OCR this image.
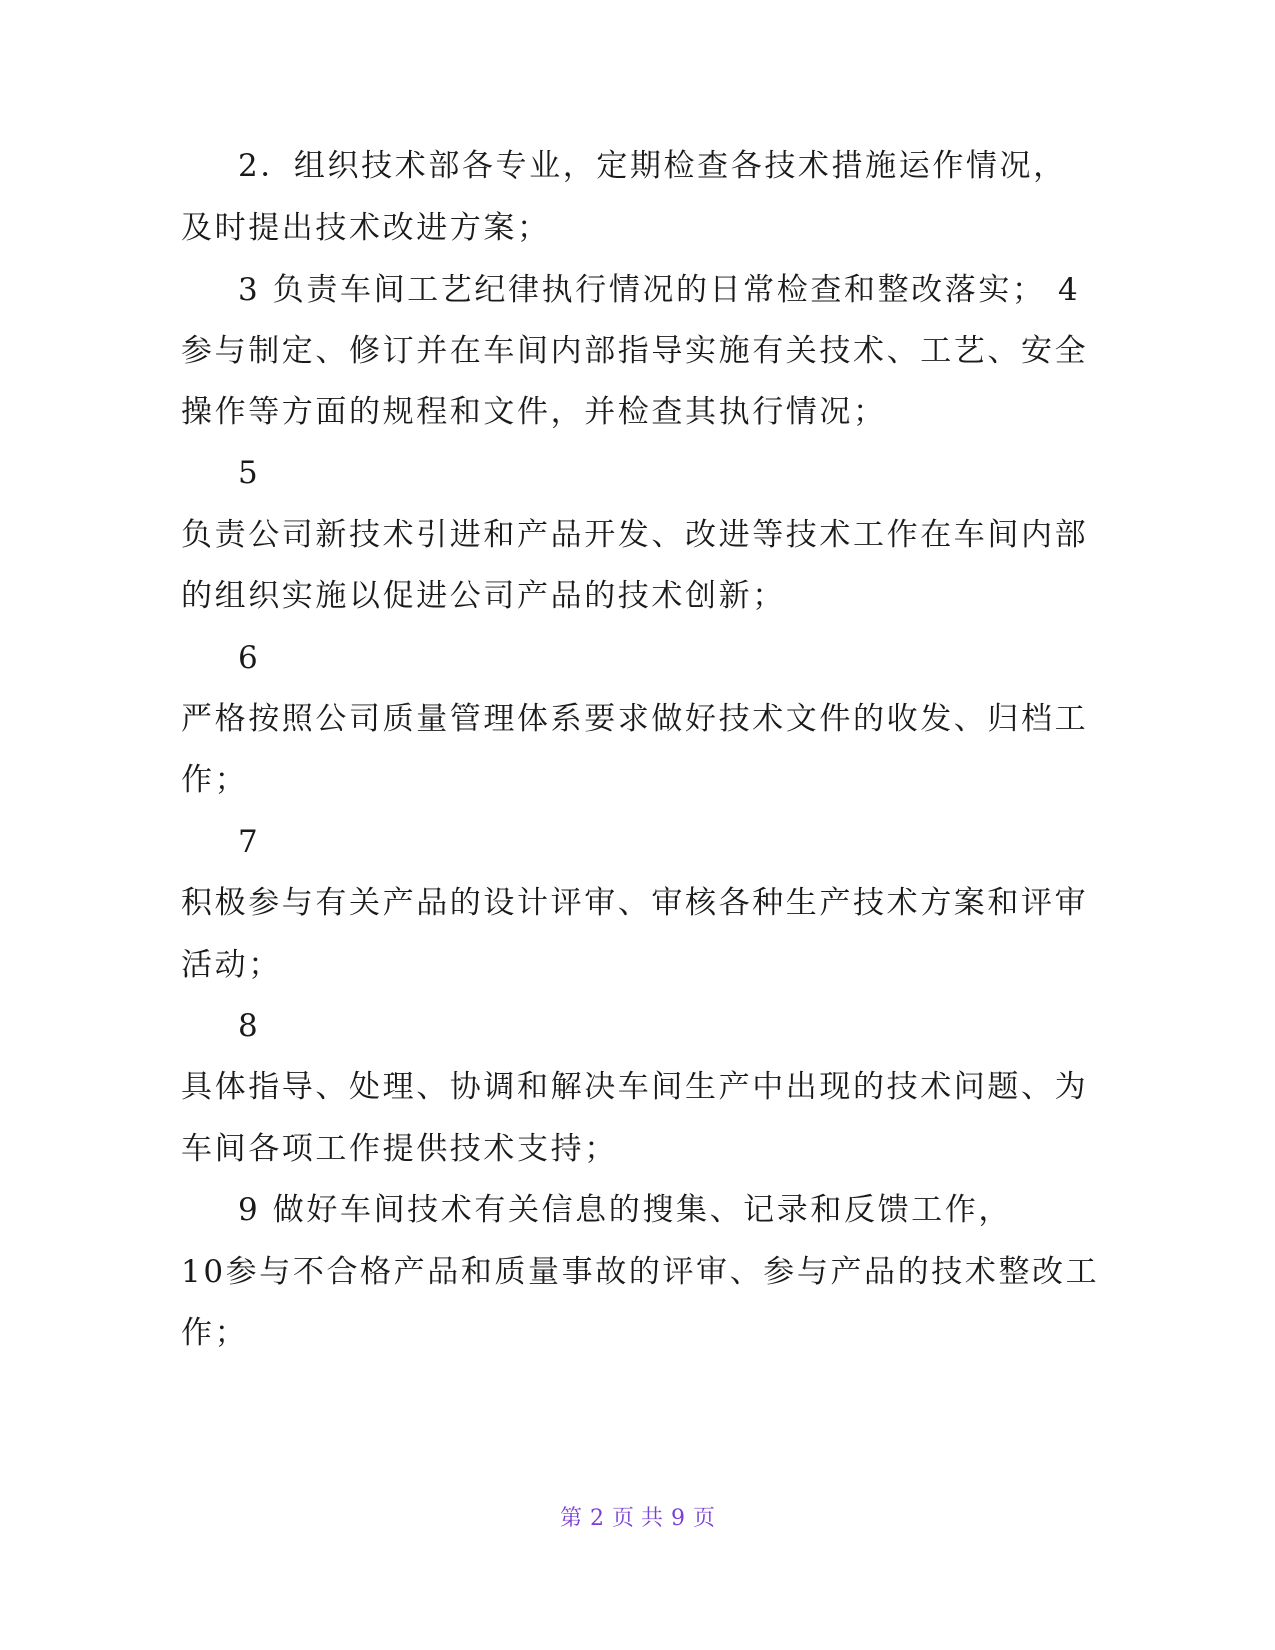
2．组织技术部各专业，定期检查各技术措施运作情况，
及时提出技术改进方案；
3 负责车间工艺纪律执行情况的日常检查和整改落实； 4
参与制定、修订并在车间内部指导实施有关技术、工艺、安全
操作等方面的规程和文件，并检查其执行情况；
5
负责公司新技术引进和产品开发、改进等技术工作在车间内部
的组织实施以促进公司产品的技术创新；
6
严格按照公司质量管理体系要求做好技术文件的收发、归档工
作；
7
积极参与有关产品的设计评审、审核各种生产技术方案和评审
活动；
8
具体指导、处理、协调和解决车间生产中出现的技术问题、为
车间各项工作提供技术支持；
9 做好车间技术有关信息的搜集、记录和反馈工作，
10参与不合格产品和质量事故的评审、参与产品的技术整改工
作；
第 2 页 共 9 页
